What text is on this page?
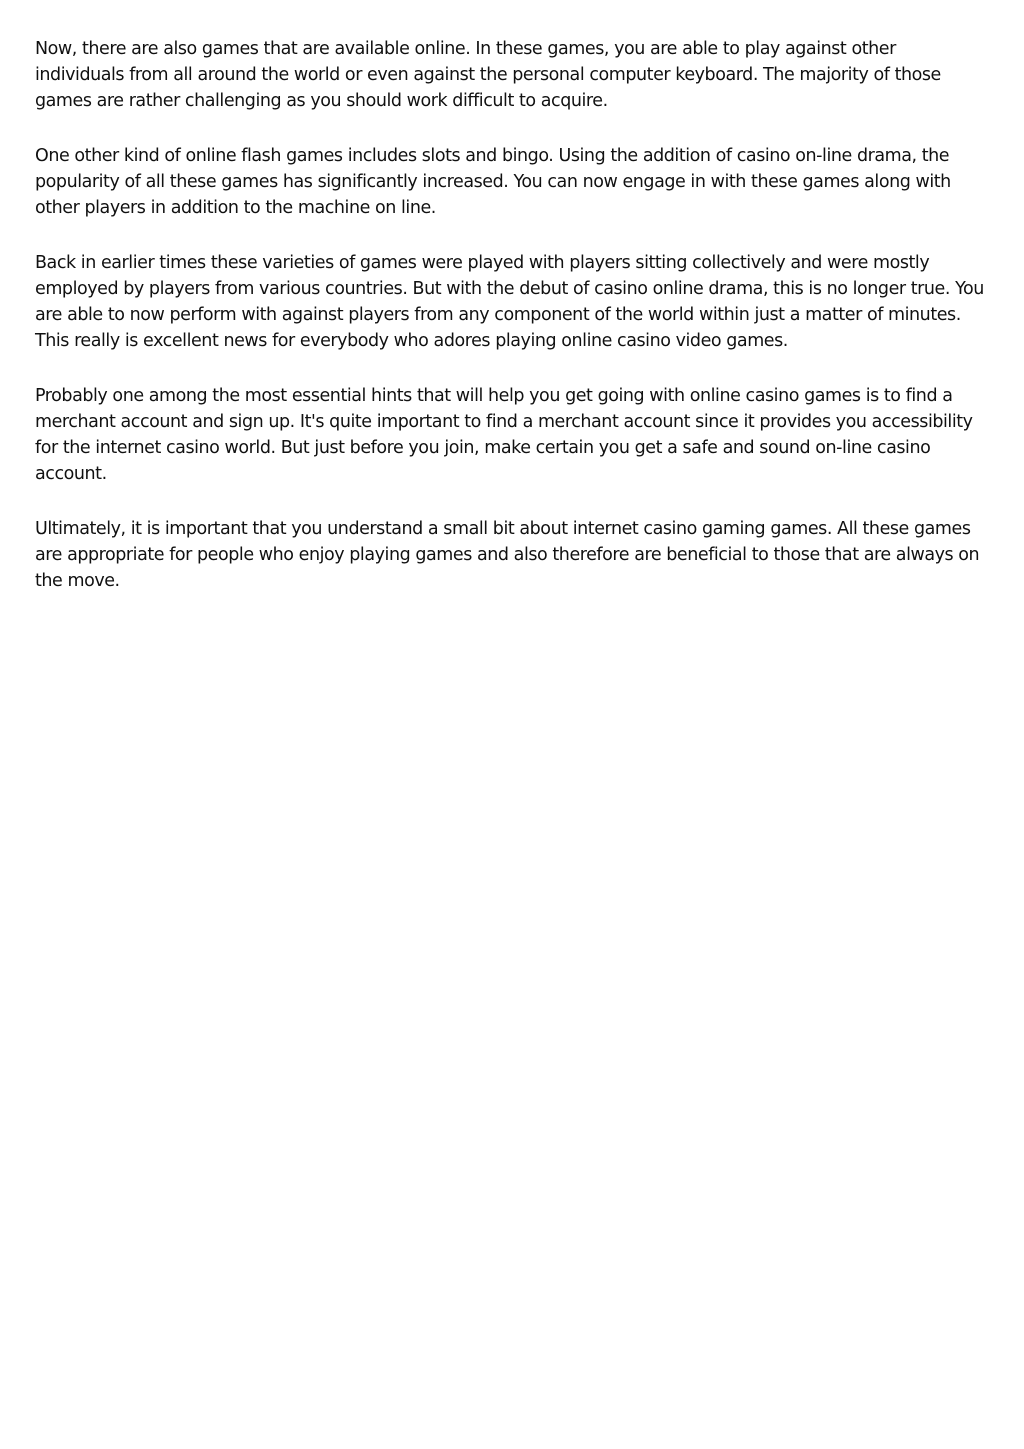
Now, there are also games that are available online. In these games, you are able to play against other individuals from all around the world or even against the personal computer keyboard. The majority of those games are rather challenging as you should work difficult to acquire.

One other kind of online flash games includes slots and bingo. Using the addition of casino on-line drama, the popularity of all these games has significantly increased. You can now engage in with these games along with other players in addition to the machine on line.

Back in earlier times these varieties of games were played with players sitting collectively and were mostly employed by players from various countries. But with the debut of casino online drama, this is no longer true. You are able to now perform with against players from any component of the world within just a matter of minutes. This really is excellent news for everybody who adores playing online casino video games.

Probably one among the most essential hints that will help you get going with online casino games is to find a merchant account and sign up. It's quite important to find a merchant account since it provides you accessibility for the internet casino world. But just before you join, make certain you get a safe and sound on-line casino account.

Ultimately, it is important that you understand a small bit about internet casino gaming games. All these games are appropriate for people who enjoy playing games and also therefore are beneficial to those that are always on the move.
